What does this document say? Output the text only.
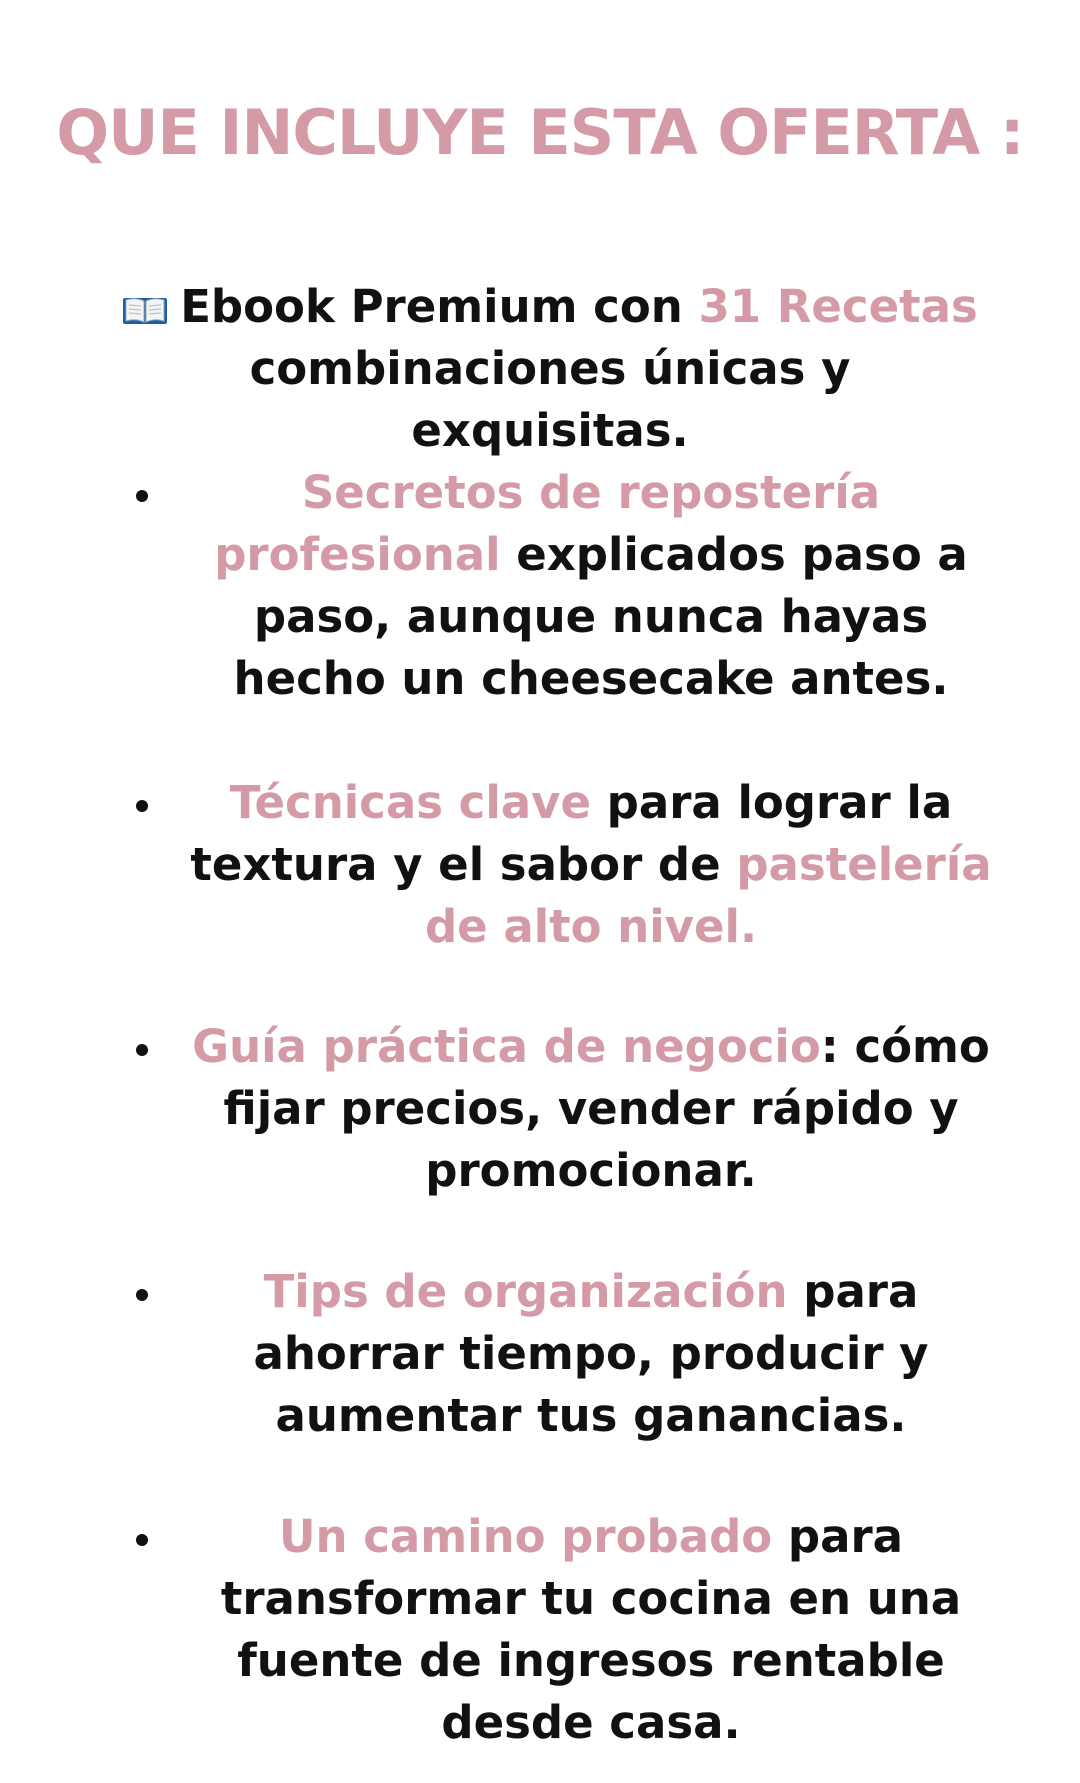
QUE INCLUYE ESTA OFERTA :

Ebook Premium con 31 Recetas
combinaciones únicas y exquisitas.

Secretos de repostería profesional explicados paso a paso, aunque nunca hayas hecho un cheesecake antes.

Técnicas clave para lograr la textura y el sabor de pastelería de alto nivel.

Guía práctica de negocio: cómo fijar precios, vender rápido y promocionar.

Tips de organización para ahorrar tiempo, producir y aumentar tus ganancias.

Un camino probado para transformar tu cocina en una fuente de ingresos rentable desde casa.
